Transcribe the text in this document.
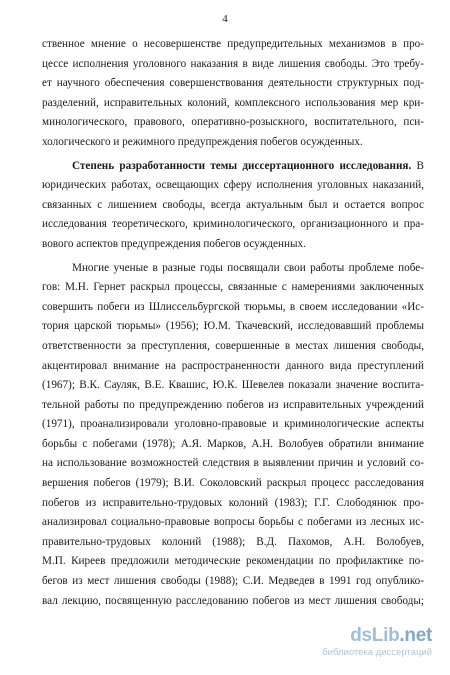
4
ственное мнение о несовершенстве предупредительных механизмов в про-
цессе исполнения уголовного наказания в виде лишения свободы. Это требу-
ет научного обеспечения совершенствования деятельности структурных под-
разделений, исправительных колоний, комплексного использования мер кри-
минологического, правового, оперативно-розыскного, воспитательного, пси-
хологического и режимного предупреждения побегов осужденных.
Степень разработанности темы диссертационного исследования. В
юридических работах, освещающих сферу исполнения уголовных наказаний,
связанных с лишением свободы, всегда актуальным был и остается вопрос
исследования теоретического, криминологического, организационного и пра-
вового аспектов предупреждения побегов осужденных.
Многие ученые в разные годы посвящали свои работы проблеме побе-
гов: М.Н. Гернет раскрыл процессы, связанные с намерениями заключенных
совершить побеги из Шлиссельбургской тюрьмы, в своем исследовании «Ис-
тория царской тюрьмы» (1956); Ю.М. Ткачевский, исследовавший проблемы
ответственности за преступления, совершенные в местах лишения свободы,
акцентировал внимание на распространенности данного вида преступлений
(1967); В.К. Сауляк, В.Е. Квашис, Ю.К. Шевелев показали значение воспита-
тельной работы по предупреждению побегов из исправительных учреждений
(1971), проанализировали уголовно-правовые и криминологические аспекты
борьбы с побегами (1978); А.Я. Марков, А.Н. Волобуев обратили внимание
на использование возможностей следствия в выявлении причин и условий со-
вершения побегов (1979); В.И. Соколовский раскрыл процесс расследования
побегов из исправительно-трудовых колоний (1983); Г.Г. Слободянюк про-
анализировал социально-правовые вопросы борьбы с побегами из лесных ис-
правительно-трудовых колоний (1988); В.Д. Пахомов, А.Н. Волобуев,
М.П. Киреев предложили методические рекомендации по профилактике по-
бегов из мест лишения свободы (1988); С.И. Медведев в 1991 год опублико-
вал лекцию, посвященную расследованию побегов из мест лишения свободы;
dsLib.net
библиотека диссертаций
